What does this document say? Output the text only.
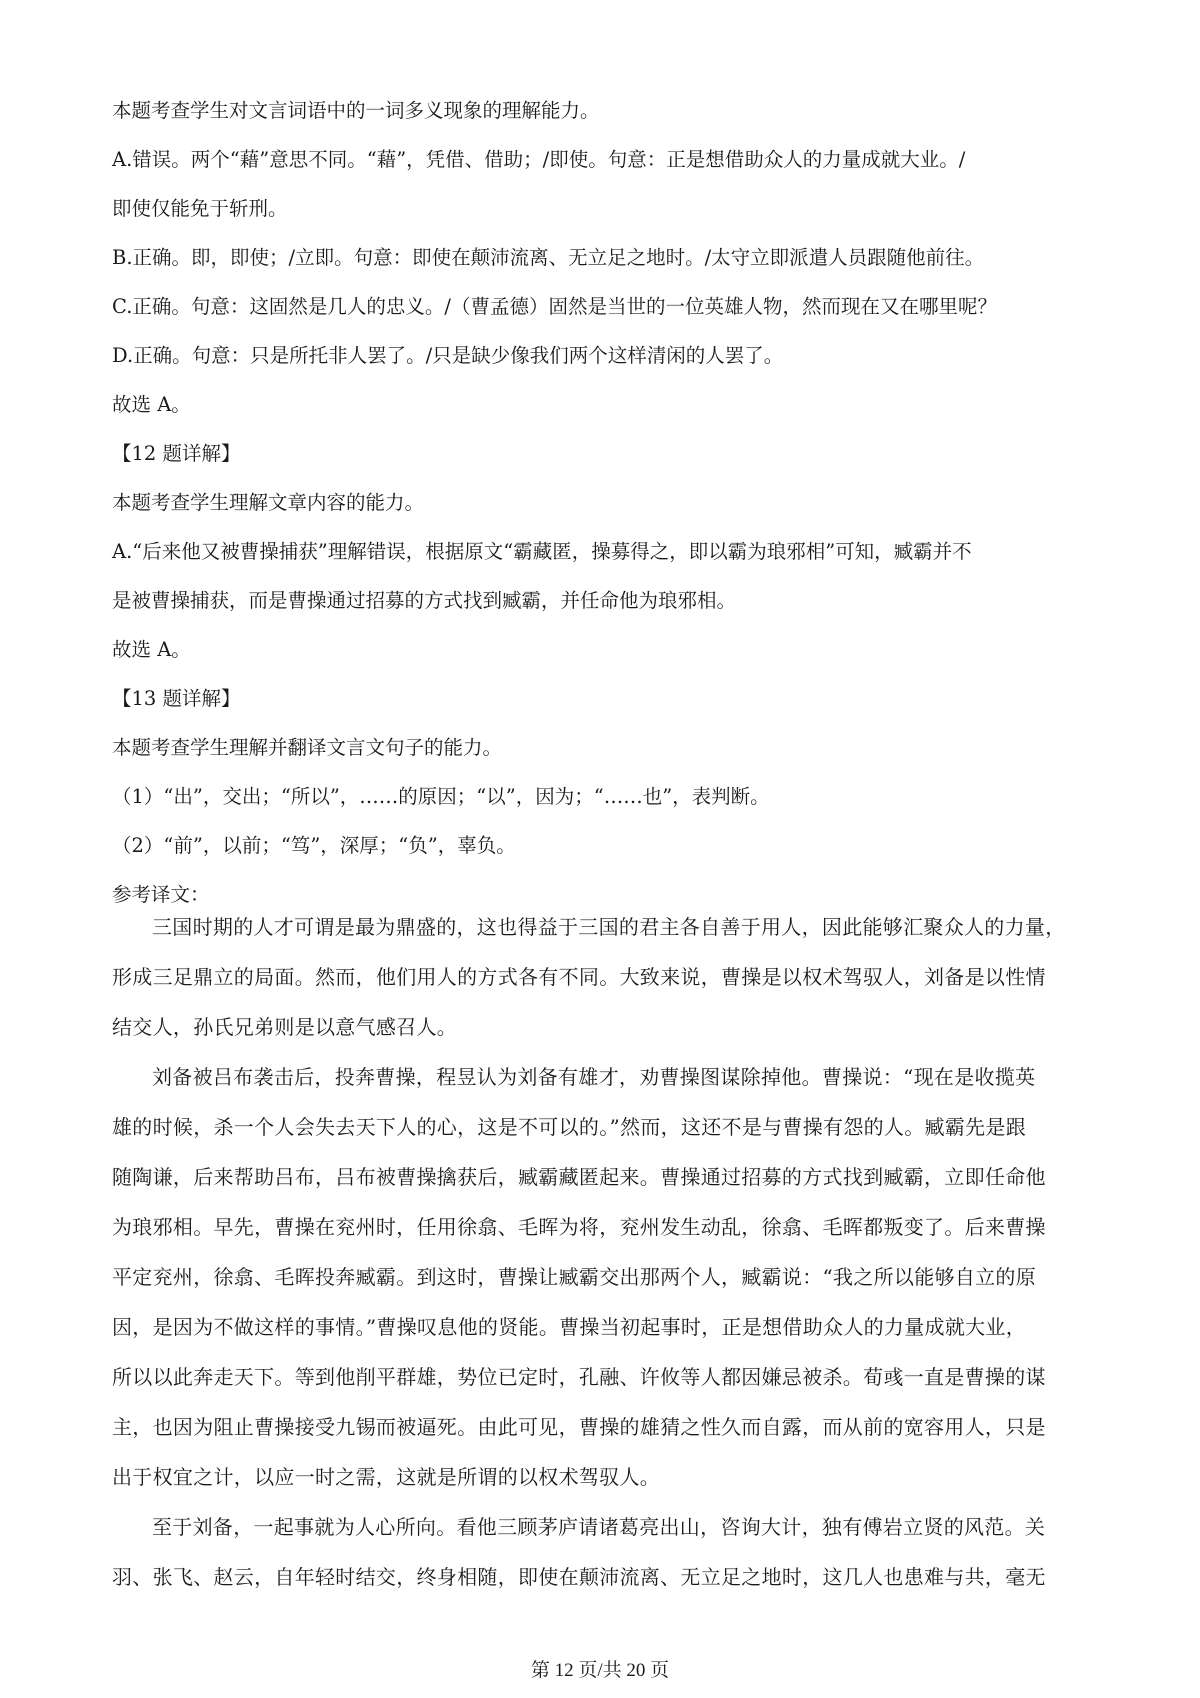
本题考查学生对文言词语中的一词多义现象的理解能力。
A.错误。两个“藉”意思不同。“藉”，凭借、借助；/即使。句意：正是想借助众人的力量成就大业。/
即使仅能免于斩刑。
B.正确。即，即使；/立即。句意：即使在颠沛流离、无立足之地时。/太守立即派遣人员跟随他前往。
C.正确。句意：这固然是几人的忠义。/（曹孟德）固然是当世的一位英雄人物，然而现在又在哪里呢？
D.正确。句意：只是所托非人罢了。/只是缺少像我们两个这样清闲的人罢了。
故选 A。
【12 题详解】
本题考查学生理解文章内容的能力。
A.“后来他又被曹操捕获”理解错误，根据原文“霸藏匿，操募得之，即以霸为琅邪相”可知，臧霸并不
是被曹操捕获，而是曹操通过招募的方式找到臧霸，并任命他为琅邪相。
故选 A。
【13 题详解】
本题考查学生理解并翻译文言文句子的能力。
（1）“出”，交出；“所以”，……的原因；“以”，因为；“……也”，表判断。
（2）“前”，以前；“笃”，深厚；“负”，辜负。
参考译文：
三国时期的人才可谓是最为鼎盛的，这也得益于三国的君主各自善于用人，因此能够汇聚众人的力量，
形成三足鼎立的局面。然而，他们用人的方式各有不同。大致来说，曹操是以权术驾驭人，刘备是以性情
结交人，孙氏兄弟则是以意气感召人。
刘备被吕布袭击后，投奔曹操，程昱认为刘备有雄才，劝曹操图谋除掉他。曹操说：“现在是收揽英
雄的时候，杀一个人会失去天下人的心，这是不可以的。”然而，这还不是与曹操有怨的人。臧霸先是跟
随陶谦，后来帮助吕布，吕布被曹操擒获后，臧霸藏匿起来。曹操通过招募的方式找到臧霸，立即任命他
为琅邪相。早先，曹操在兖州时，任用徐翕、毛晖为将，兖州发生动乱，徐翕、毛晖都叛变了。后来曹操
平定兖州，徐翕、毛晖投奔臧霸。到这时，曹操让臧霸交出那两个人，臧霸说：“我之所以能够自立的原
因，是因为不做这样的事情。”曹操叹息他的贤能。曹操当初起事时，正是想借助众人的力量成就大业，
所以以此奔走天下。等到他削平群雄，势位已定时，孔融、许攸等人都因嫌忌被杀。荀彧一直是曹操的谋
主，也因为阻止曹操接受九锡而被逼死。由此可见，曹操的雄猜之性久而自露，而从前的宽容用人，只是
出于权宜之计，以应一时之需，这就是所谓的以权术驾驭人。
至于刘备，一起事就为人心所向。看他三顾茅庐请诸葛亮出山，咨询大计，独有傅岩立贤的风范。关
羽、张飞、赵云，自年轻时结交，终身相随，即使在颠沛流离、无立足之地时，这几人也患难与共，毫无
第 12 页/共 20 页
